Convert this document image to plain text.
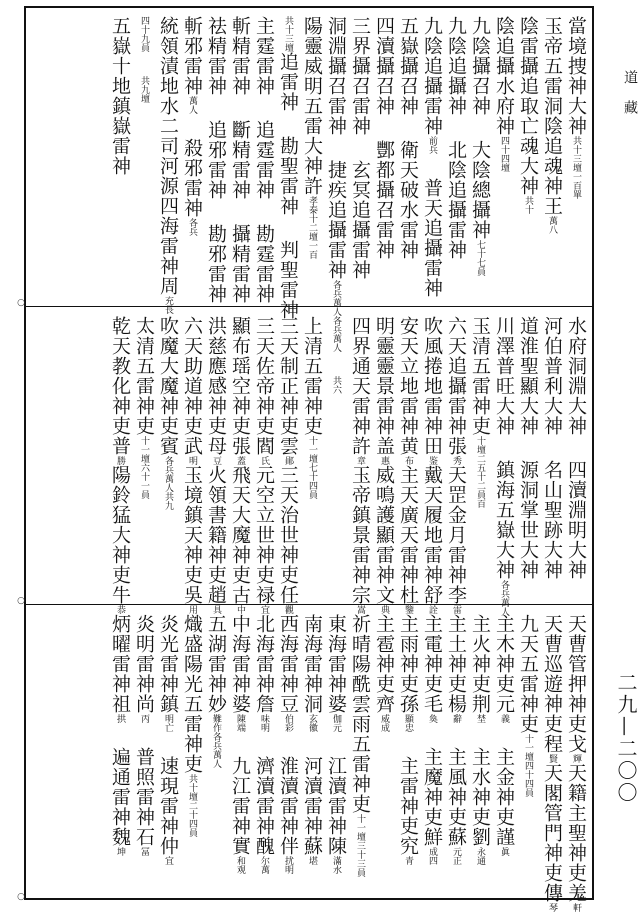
當境捜神大神共十三壇一百單
玉帝五雷洞陰追魂神王萬八
陰雷攝追取亡魂大神共十
陰追攝水府神四十四壇
九陰攝召神大陰總攝神七十七員
九陰追攝神北陰追攝雷神
九陰追攝雷神前兵普天追攝雷神
五嶽攝召神衛天破水雷神
四瀆攝召神酆都攝召雷神
三界攝召雷神玄冥追攝雷神
洞淵攝召雷神捷疾追攝雷神各兵萬人
陽靈威明五雷大神許孝泰十二壇一百
共十三壇追雷神勘聖雷神判聖雷神
主霆雷神追霆雷神勘霆雷神
斬精雷神斷精雷神攝精雷神
祛精雷神追邪雷神勘邪雷神
斬邪雷神萬人殺邪雷神各兵
統領漬地水二司河源四海雷神周充長
四十九員共九壇
五嶽十地鎮嶽雷神
水府洞淵大神四瀆淵明大神
河伯普利大神名山聖跡大神
道淮聖顯大神源洞掌世大神
川澤普旺大神鎮海五嶽大神各兵萬人
玉清五雷神吏十壇二五十二員百
六天追攝雷神張秀天罡金月雷神李雷
吹風捲地雷神田鉴戴天履地雷神舒詮
安天立地雷神黄布主天廣天雷神杜鑒
明靈靈景雷神盖惠威鳴護顯雷神文典
四界通天雷神許章玉帝鎮景雷神宗嵩
各兵萬人共六
上清五雷神吏十一壇七十四員
三天制正神吏雲鄖三天治世神吏任觀
三天佐帝神吏閻氏元空立世神吏禄宜
顯布瑶空神吏張蓋飛天大魔神吏古中
洪慈應感神吏母豆火領書籍神吏趙具
六天助道神吏武明玉境鎮天神吏吳用
吹魔大魔神吏賓各兵萬人共九
太清五雷神吏十一壇六十一員
乾天教化神吏普勝陽鈴猛大神吏牛恭
天曹管押神吏戈輝天籍主聖神吏羗軒
天曹巡遊神吏程賢天閣管門神吏傳琴
九天五雷神吏十一壇四十四員
主木神吏元義主金神吏謹眞
主火神吏荆埜主水神吏劉永通
主土神吏楊辭主風神吏蘇元正
主電神吏毛奐主魔神吏鮮成四
主雨神吏孫顯忠主雷神吏究青
主雹神吏齊威成
祈晴陽酰雲雨五雷神吏十一壇三十三員
東海雷神婆伽元江瀆雷神陳滿水
南海雷神洞玄徽河瀆雷神蘇堪
西海雷神豆伯彩淮瀆雷神伴扰明
北海雷神詹味明濟瀆雷神醜尔萬
中海雷神婆陳端九江雷神實和观
五湖雷神妙難作各兵萬人
熾盛陽光五雷神吏共十壇二十四員
炎光雷神鎮明亡速現雷神仲宜
炎明雷神尚丙普照雷神石冨
炳曜雷神祖拱遍通雷神魏坤
○
○
○
道藏
二九—二〇〇
